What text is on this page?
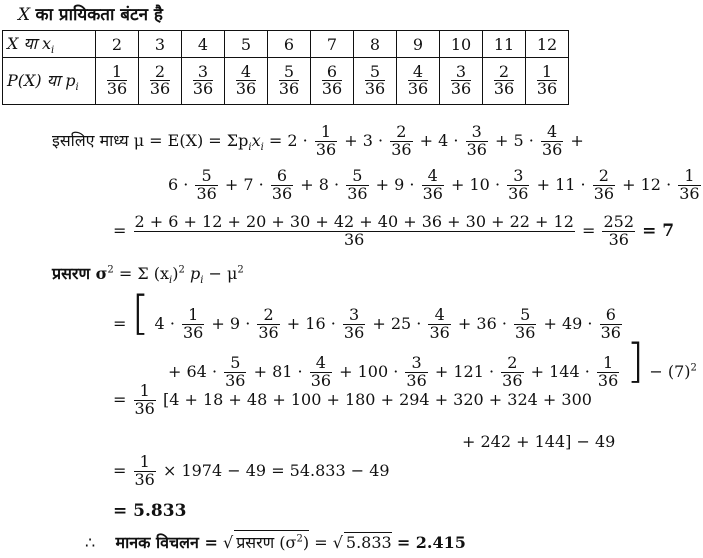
X का प्रायिकता बंटन है
X या $x_i$	2	3	4	5	6	7	8	9	10	11	12
P(X) या $p_i$	$\frac{1}{36}$	$\frac{2}{36}$	$\frac{3}{36}$	$\frac{4}{36}$	$\frac{5}{36}$	$\frac{6}{36}$	$\frac{5}{36}$	$\frac{4}{36}$	$\frac{3}{36}$	$\frac{2}{36}$	$\frac{1}{36}$
इसलिए माध्य $\mu = E(X) = \Sigma p_ix_i = 2 \cdot \frac{1}{36} + 3 \cdot \frac{2}{36} + 4 \cdot \frac{3}{36} + 5 \cdot \frac{4}{36}$ +
$6 \cdot \frac{5}{36} + 7 \cdot \frac{6}{36} + 8 \cdot \frac{5}{36} + 9 \cdot \frac{4}{36} + 10 \cdot \frac{3}{36} + 11 \cdot \frac{2}{36} + 12 \cdot \frac{1}{36}$
= $\frac{2 + 6 + 12 + 20 + 30 + 42 + 40 + 36 + 30 + 22 + 12}{36} = \frac{252}{36} = 7$
प्रसरण $\sigma^2 = \Sigma$ $(x_i)^2$ $p_i - \mu^2$
= [ $4 \cdot \frac{1}{36} + 9 \cdot \frac{2}{36} + 16 \cdot \frac{3}{36} + 25 \cdot \frac{4}{36} + 36 \cdot \frac{5}{36} + 49 \cdot \frac{6}{36}$
+ $64 \cdot \frac{5}{36} + 81 \cdot \frac{4}{36} + 100 \cdot \frac{3}{36} + 121 \cdot \frac{2}{36} + 144 \cdot \frac{1}{36}$ ] − $(7)^2$
= $\frac{1}{36} [4 + 18 + 48 + 100 + 180 + 294 + 320 + 324 + 300$
+ 242 + 144] − 49
= $\frac{1}{36} \times 1974 - 49 = 54.833 - 49$
= 5.833
∴ मानक विचलन = √ प्रसरण $(\sigma^2)$ = √ 5.833 = 2.415
